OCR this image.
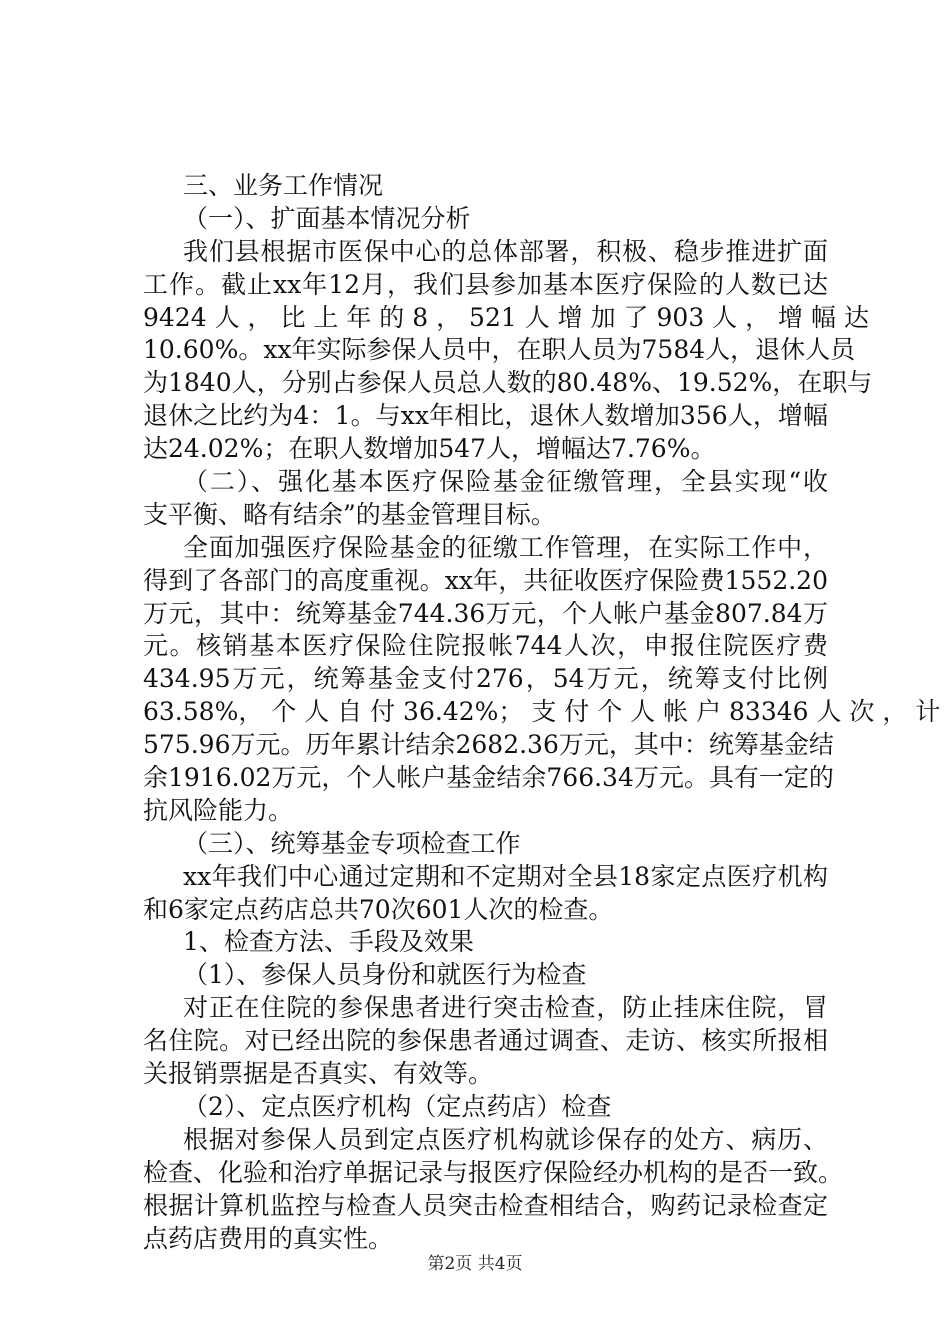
三、业务工作情况
（一）、扩面基本情况分析
我们县根据市医保中心的总体部署，积极、稳步推进扩面
工作。截止xx年12月，我们县参加基本医疗保险的人数已达
9424 人 ， 比 上 年 的 8 ， 521 人 增 加 了 903 人 ， 增 幅 达
10.60%。xx年实际参保人员中，在职人员为7584人，退休人员
为1840人，分别占参保人员总人数的80.48%、19.52%，在职与
退休之比约为4：1。与xx年相比，退休人数增加356人，增幅
达24.02%；在职人数增加547人，增幅达7.76%。
（二）、强化基本医疗保险基金征缴管理，全县实现“收
支平衡、略有结余”的基金管理目标。
全面加强医疗保险基金的征缴工作管理，在实际工作中，
得到了各部门的高度重视。xx年，共征收医疗保险费1552.20
万元，其中：统筹基金744.36万元，个人帐户基金807.84万
元。核销基本医疗保险住院报帐744人次，申报住院医疗费
434.95万元，统筹基金支付276，54万元，统筹支付比例
63.58%， 个 人 自 付 36.42%； 支 付 个 人 帐 户 83346 人 次 ， 计
575.96万元。历年累计结余2682.36万元，其中：统筹基金结
余1916.02万元，个人帐户基金结余766.34万元。具有一定的
抗风险能力。
（三）、统筹基金专项检查工作
xx年我们中心通过定期和不定期对全县18家定点医疗机构
和6家定点药店总共70次601人次的检查。
1、检查方法、手段及效果
（1）、参保人员身份和就医行为检查
对正在住院的参保患者进行突击检查，防止挂床住院，冒
名住院。对已经出院的参保患者通过调查、走访、核实所报相
关报销票据是否真实、有效等。
（2）、定点医疗机构（定点药店）检查
根据对参保人员到定点医疗机构就诊保存的处方、病历、
检查、化验和治疗单据记录与报医疗保险经办机构的是否一致。
根据计算机监控与检查人员突击检查相结合，购药记录检查定
点药店费用的真实性。
第2页 共4页
